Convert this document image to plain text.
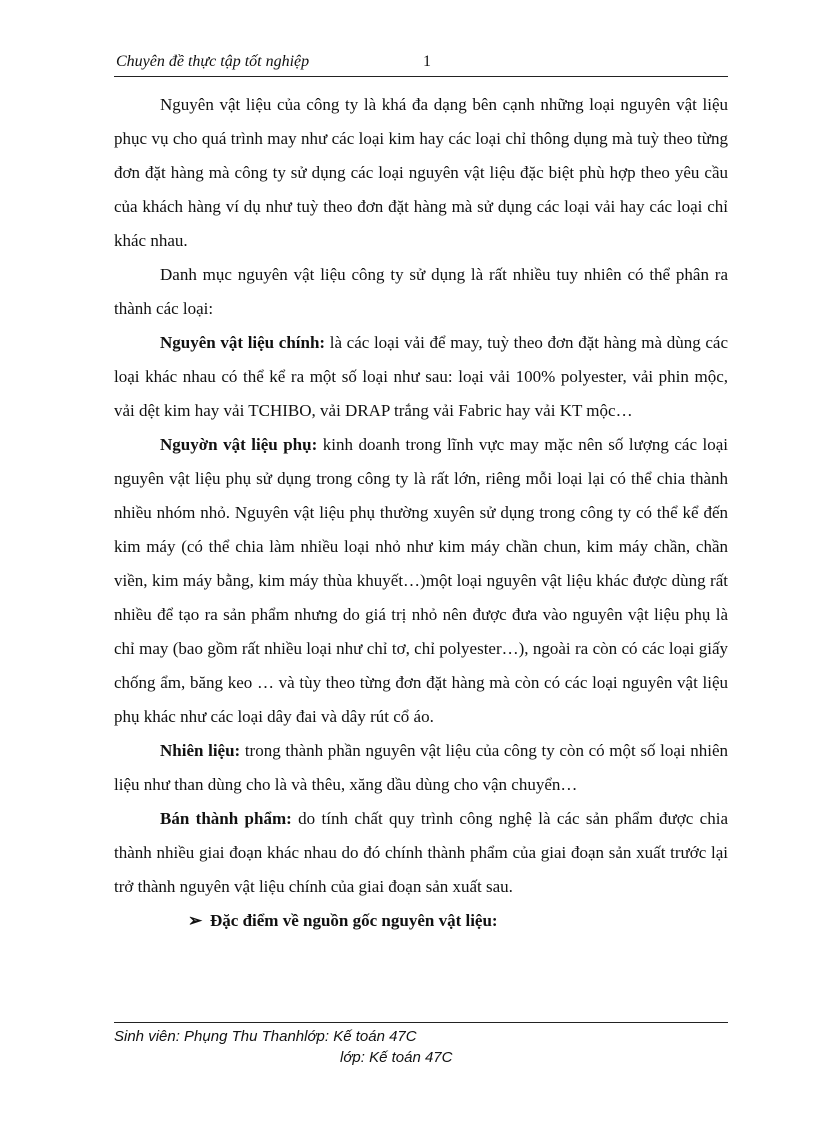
Chuyên đề thực tập tốt nghiệp	1

Nguyên vật liệu của công ty là khá đa dạng bên cạnh những loại nguyên vật liệu phục vụ cho quá trình may như các loại kim hay các loại chỉ thông dụng mà tuỳ theo từng đơn đặt hàng mà công ty sử dụng các loại nguyên vật liệu đặc biệt phù hợp theo yêu cầu của khách hàng ví dụ như tuỳ theo đơn đặt hàng mà sử dụng các loại vải hay các loại chỉ khác nhau.

Danh mục nguyên vật liệu công ty sử dụng là rất nhiều tuy nhiên có thể phân ra thành các loại:

Nguyên vật liệu chính: là các loại vải để may, tuỳ theo đơn đặt hàng mà dùng các loại khác nhau có thể kể ra một số loại như sau: loại vải 100% polyester, vải phin mộc, vải dệt kim hay vải TCHIBO, vải DRAP trắng vải Fabric hay vải KT mộc…

Nguyờn vật liệu phụ: kinh doanh trong lĩnh vực may mặc nên số lượng các loại nguyên vật liệu phụ sử dụng trong công ty là rất lớn, riêng mỗi loại lại có thể chia thành nhiều nhóm nhỏ. Nguyên vật liệu phụ thường xuyên sử dụng trong công ty có thể kể đến kim máy (có thể chia làm nhiều loại nhỏ như kim máy chần chun, kim máy chần, chần viền, kim máy bằng, kim máy thùa khuyết…)một loại nguyên vật liệu khác được dùng rất nhiều để tạo ra sản phẩm nhưng do giá trị nhỏ nên được đưa vào nguyên vật liệu phụ là chỉ may (bao gồm rất nhiều loại như chỉ tơ, chỉ polyester…), ngoài ra còn có các loại giấy chống ẩm, băng keo … và tùy theo từng đơn đặt hàng mà còn có các loại nguyên vật liệu phụ khác như các loại dây đai và dây rút cổ áo.

Nhiên liệu: trong thành phần nguyên vật liệu của công ty còn có một số loại nhiên liệu như than dùng cho là và thêu, xăng dầu dùng cho vận chuyển…

Bán thành phẩm: do tính chất quy trình công nghệ là các sản phẩm được chia thành nhiều giai đoạn khác nhau do đó chính thành phẩm của giai đoạn sản xuất trước lại trở thành nguyên vật liệu chính của giai đoạn sản xuất sau.

➢ Đặc điểm về nguồn gốc nguyên vật liệu:
Sinh viên: Phụng Thu Thanhlớp: Kế toán 47C
lớp: Kế toán 47C
